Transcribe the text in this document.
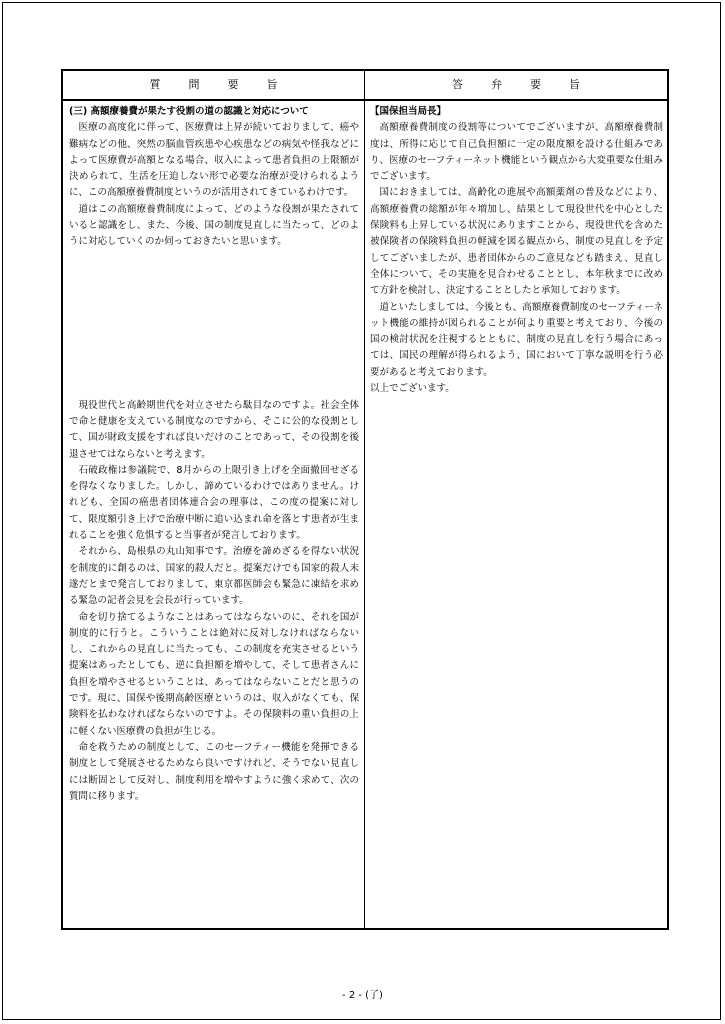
質問要旨	答弁要旨

(三) 高額療養費が果たす役割の道の認識と対応について

医療の高度化に伴って、医療費は上昇が続いておりまして、癌や難病などの他、突然の脳血管疾患や心疾患などの病気や怪我などによって医療費が高額となる場合、収入によって患者負担の上限額が決められて、生活を圧迫しない形で必要な治療が受けられるように、この高額療養費制度というのが活用されてきているわけです。

道はこの高額療養費制度によって、どのような役割が果たされていると認識をし、また、今後、国の制度見直しに当たって、どのように対応していくのか伺っておきたいと思います。

現役世代と高齢期世代を対立させたら駄目なのですよ。社会全体で命と健康を支えている制度なのですから、そこに公的な役割として、国が財政支援をすれば良いだけのことであって、その役割を後退させてはならないと考えます。

石破政権は参議院で、8月からの上限引き上げを全面撤回せざるを得なくなりました。しかし、諦めているわけではありません。けれども、全国の癌患者団体連合会の理事は、この度の提案に対して、限度額引き上げで治療中断に追い込まれ命を落とす患者が生まれることを強く危惧すると当事者が発言しております。

それから、島根県の丸山知事です。治療を諦めざるを得ない状況を制度的に創るのは、国家的殺人だと。提案だけでも国家的殺人未遂だとまで発言しておりまして、東京都医師会も緊急に凍結を求める緊急の記者会見を会長が行っています。

命を切り捨てるようなことはあってはならないのに、それを国が制度的に行うと。こういうことは絶対に反対しなければならないし、これからの見直しに当たっても、この制度を充実させるという提案はあったとしても、逆に負担額を増やして、そして患者さんに負担を増やさせるということは、あってはならないことだと思うのです。現に、国保や後期高齢医療というのは、収入がなくても、保険料を払わなければならないのですよ。その保険料の重い負担の上に軽くない医療費の負担が生じる。

命を救うための制度として、このセーフティー機能を発揮できる制度として発展させるためなら良いですけれど、そうでない見直しには断固として反対し、制度利用を増やすように強く求めて、次の質問に移ります。

【国保担当局長】

高額療養費制度の役割等についてでございますが、高額療養費制度は、所得に応じて自己負担額に一定の限度額を設ける仕組みであり、医療のセーフティーネット機能という観点から大変重要な仕組みでございます。

国におきましては、高齢化の進展や高額薬剤の普及などにより、高額療養費の総額が年々増加し、結果として現役世代を中心とした保険料も上昇している状況にありますことから、現役世代を含めた被保険者の保険料負担の軽減を図る観点から、制度の見直しを予定してございましたが、患者団体からのご意見なども踏まえ、見直し全体について、その実施を見合わせることとし、本年秋までに改めて方針を検討し、決定することとしたと承知しております。

道といたしましては、今後とも、高額療養費制度のセーフティーネット機能の維持が図られることが何より重要と考えており、今後の国の検討状況を注視するとともに、制度の見直しを行う場合にあっては、国民の理解が得られるよう、国において丁寧な説明を行う必要があると考えております。

以上でございます。

- 2 - (了)
